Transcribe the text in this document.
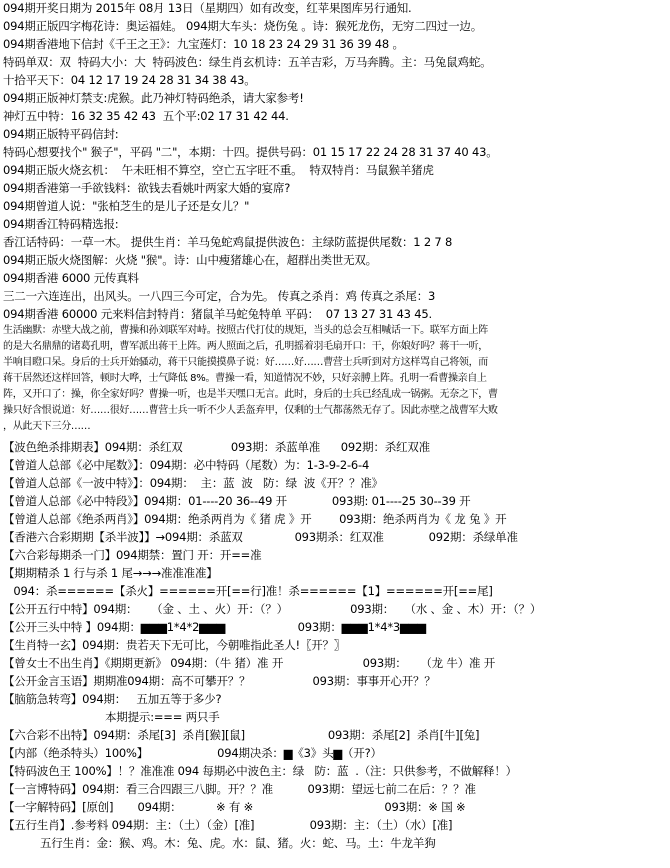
094期开奖日期为 2015年 08月 13日（星期四）如有改变，红苹果图库另行通知.
094期正版四字梅花诗：奥运福娃。 094期大车头：烧伤兔 。诗：猴死龙伤，无穷二四过一边。
094期香港地下信封《千王之王》：九宝莲灯：10 18 23 24 29 31 36 39 48 。
特码单双：双  特码大小：大  特码波色：绿生肖玄机诗：五羊吉彩，万马奔腾。主：马兔鼠鸡蛇。
十拾平天下：04 12 17 19 24 28 31 34 38 43。
094期正版神灯禁支:虎猴。此乃神灯特码绝杀，请大家参考!
神灯五中特：16 32 35 42 43  五个平:02 17 31 42 44.
094期正版特平码信封:
特码心想要找个" 猴子"，平码 "二"，本期：十四。提供号码：01 15 17 22 24 28 31 37 40 43。
094期正版火烧玄机：  午未旺相不算空，空亡五字旺不重。  特双特肖：马鼠猴羊猪虎
094期香港第一手欲钱料：欲钱去看姚叶两家大婚的宴席?
094期曾道人说："张柏芝生的是儿子还是女儿？"
094期香江特码精选报:
香江话特码：一草一木。 提供生肖：羊马兔蛇鸡鼠提供波色：主绿防蓝提供尾数：1 2 7 8
094期正版火烧图解：火烧 "猴"。诗：山中瘦猪雄心在，超群出类世无双。
094期香港 6000 元传真料
三二一六连连出，出风头。一八四三今可定，合为先。 传真之杀肖：鸡 传真之杀尾：3
094期香港 60000 元来料信封特肖：猪鼠羊马蛇兔特单 平码：  07 13 27 31 43 45.
生活幽默：赤壁大战之前，曹操和孙刘联军对峙。按照古代打仗的规矩，当头的总会互相喊话一下。联军方面上阵
的是大名鼎鼎的诸葛孔明，曹军派出蒋干上阵。两人照面之后，孔明摇着羽毛扇开口：干，你娘好吗？蒋干一听，
半响目瞪口呆。身后的士兵开始骚动，蒋干只能摸摸鼻子说：好……好……曹营士兵听到对方这样骂自己将领，而
蒋干居然还这样回答，顿时大哗，士气降低 8%。曹操一看，知道情况不妙，只好亲膊上阵。孔明一看曹操亲自上
阵，又开口了：操，你全家好吗？曹操一听，也是半天嘿口无言。此时，身后的士兵已经乱成一锅粥。无奈之下，曹
操只好含恨说道：好……很好……曹营士兵一听不少人丢盔弃甲，仅剩的士气都荡然无存了。因此赤壁之战曹军大败
，从此天下三分……
【波色绝杀排期表】094期：杀红双              093期：杀蓝单准      092期：杀红双准
【曾道人总部《必中尾数》】：094期：必中特码（尾数）为：1-3-9-2-6-4
【曾道人总部《一波中特》】：094期：  主：蓝  波   防：绿  波《开？？准》
【曾道人总部《必中特段》】094期：01----20 36--49 开             093期: 01----25 30--39 开
【曾道人总部《绝杀两肖》】094期：绝杀两肖为《 猪 虎 》开        093期：绝杀两肖为《 龙 兔 》开
【香港六合彩期期【杀半波】】→094期：杀蓝双               093期杀：红双准             092期：杀绿单准
【六合彩每期杀一门】094期禁：置门 开：开==准
【期期精杀 1 行与杀 1 尾→→→准准准准】
094：杀======【杀火】======开[==行]准！杀======【1】======开[==尾]
【公开五行中特】094期：    （金 、土 、火）开：（？）                  093期：   （水 、金 、木）开：（？）
【公开三头中特 】094期：▆▆▆1*4*2▆▆▆                     093期：▆▆▆1*4*3▆▆▆
【生肖特一玄】094期：贵若天下无可比，今朝唯指此圣人!〖开？〗
【曾女士不出生肖】《期期更新》 094期：（牛 猪）准 开                       093期：    （龙 牛）准 开
【公开金言玉语】期期准094期：高不可攀开？？                  093期：事事开心开？？
【脑筋急转弯】094期：   五加五等于多少?
本期提示:=== 两只手
【六合彩不出特】094期：杀尾[3]  杀肖[猴][鼠]                        093期：杀尾[2]  杀肖[牛][兔]
【内部（绝杀特头）100%】                    094期决杀：▆《3》头▆（开?）
【特码波色王 100%】！？准准准 094 每期必中波色主：绿   防：蓝  .（注：只供参考，不做解释！）
【一言博特码】094期：看三合四跟三八脚。开？？准          093期：望远七前二在后：？？准
【一字解特码】[原创]       094期：          ※ 有 ※                                      093期：※ 国 ※
【五行生肖】.参考料 094期：主：（土）（金）[准]                093期：主：（土）（水）[准]
五行生肖：金：猴、鸡。木：兔、虎。水：鼠、猪。火：蛇、马。土：牛龙羊狗
